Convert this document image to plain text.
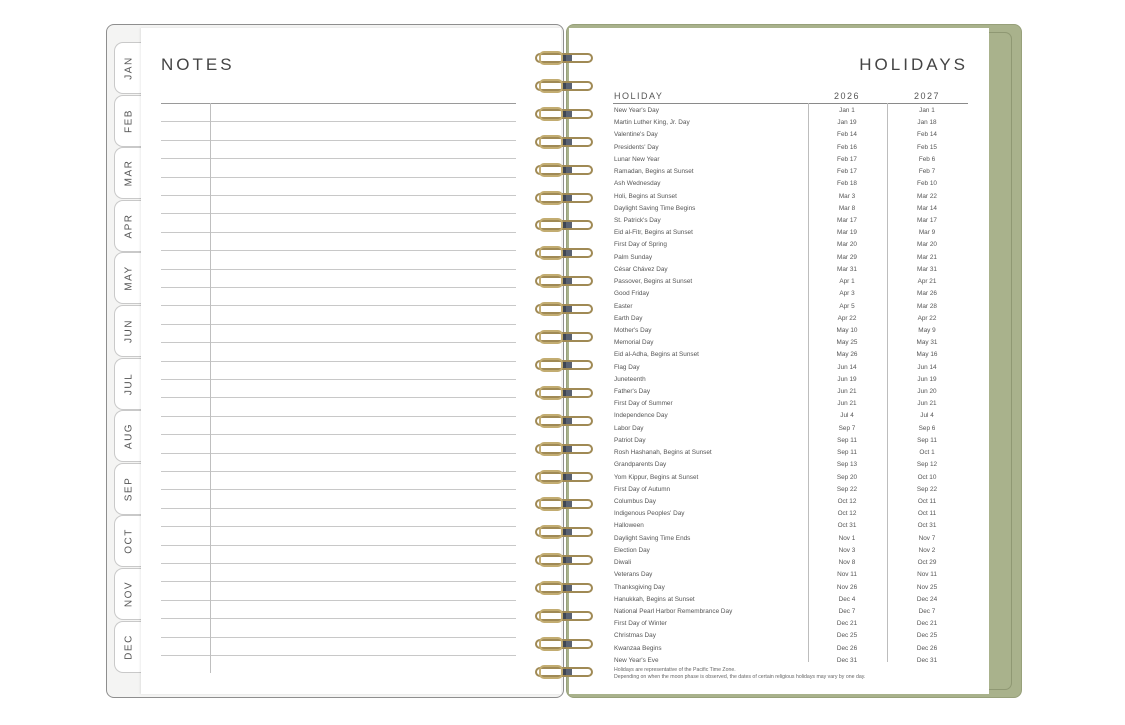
JAN
FEB
MAR
APR
MAY
JUN
JUL
AUG
SEP
OCT
NOV
DEC
NOTES	HOLIDAYS
HOLIDAY	2026	2027
New Year's Day	Jan 1	Jan 1
Martin Luther King, Jr. Day	Jan 19	Jan 18
Valentine's Day	Feb 14	Feb 14
Presidents' Day	Feb 16	Feb 15
Lunar New Year	Feb 17	Feb 6
Ramadan, Begins at Sunset	Feb 17	Feb 7
Ash Wednesday	Feb 18	Feb 10
Holi, Begins at Sunset	Mar 3	Mar 22
Daylight Saving Time Begins	Mar 8	Mar 14
St. Patrick's Day	Mar 17	Mar 17
Eid al-Fitr, Begins at Sunset	Mar 19	Mar 9
First Day of Spring	Mar 20	Mar 20
Palm Sunday	Mar 29	Mar 21
César Chávez Day	Mar 31	Mar 31
Passover, Begins at Sunset	Apr 1	Apr 21
Good Friday	Apr 3	Mar 26
Easter	Apr 5	Mar 28
Earth Day	Apr 22	Apr 22
Mother's Day	May 10	May 9
Memorial Day	May 25	May 31
Eid al-Adha, Begins at Sunset	May 26	May 16
Flag Day	Jun 14	Jun 14
Juneteenth	Jun 19	Jun 19
Father's Day	Jun 21	Jun 20
First Day of Summer	Jun 21	Jun 21
Independence Day	Jul 4	Jul 4
Labor Day	Sep 7	Sep 6
Patriot Day	Sep 11	Sep 11
Rosh Hashanah, Begins at Sunset	Sep 11	Oct 1
Grandparents Day	Sep 13	Sep 12
Yom Kippur, Begins at Sunset	Sep 20	Oct 10
First Day of Autumn	Sep 22	Sep 22
Columbus Day	Oct 12	Oct 11
Indigenous Peoples' Day	Oct 12	Oct 11
Halloween	Oct 31	Oct 31
Daylight Saving Time Ends	Nov 1	Nov 7
Election Day	Nov 3	Nov 2
Diwali	Nov 8	Oct 29
Veterans Day	Nov 11	Nov 11
Thanksgiving Day	Nov 26	Nov 25
Hanukkah, Begins at Sunset	Dec 4	Dec 24
National Pearl Harbor Remembrance Day	Dec 7	Dec 7
First Day of Winter	Dec 21	Dec 21
Christmas Day	Dec 25	Dec 25
Kwanzaa Begins	Dec 26	Dec 26
New Year's Eve	Dec 31	Dec 31
Holidays are representative of the Pacific Time Zone.
Depending on when the moon phase is observed, the dates of certain religious holidays may vary by one day.
